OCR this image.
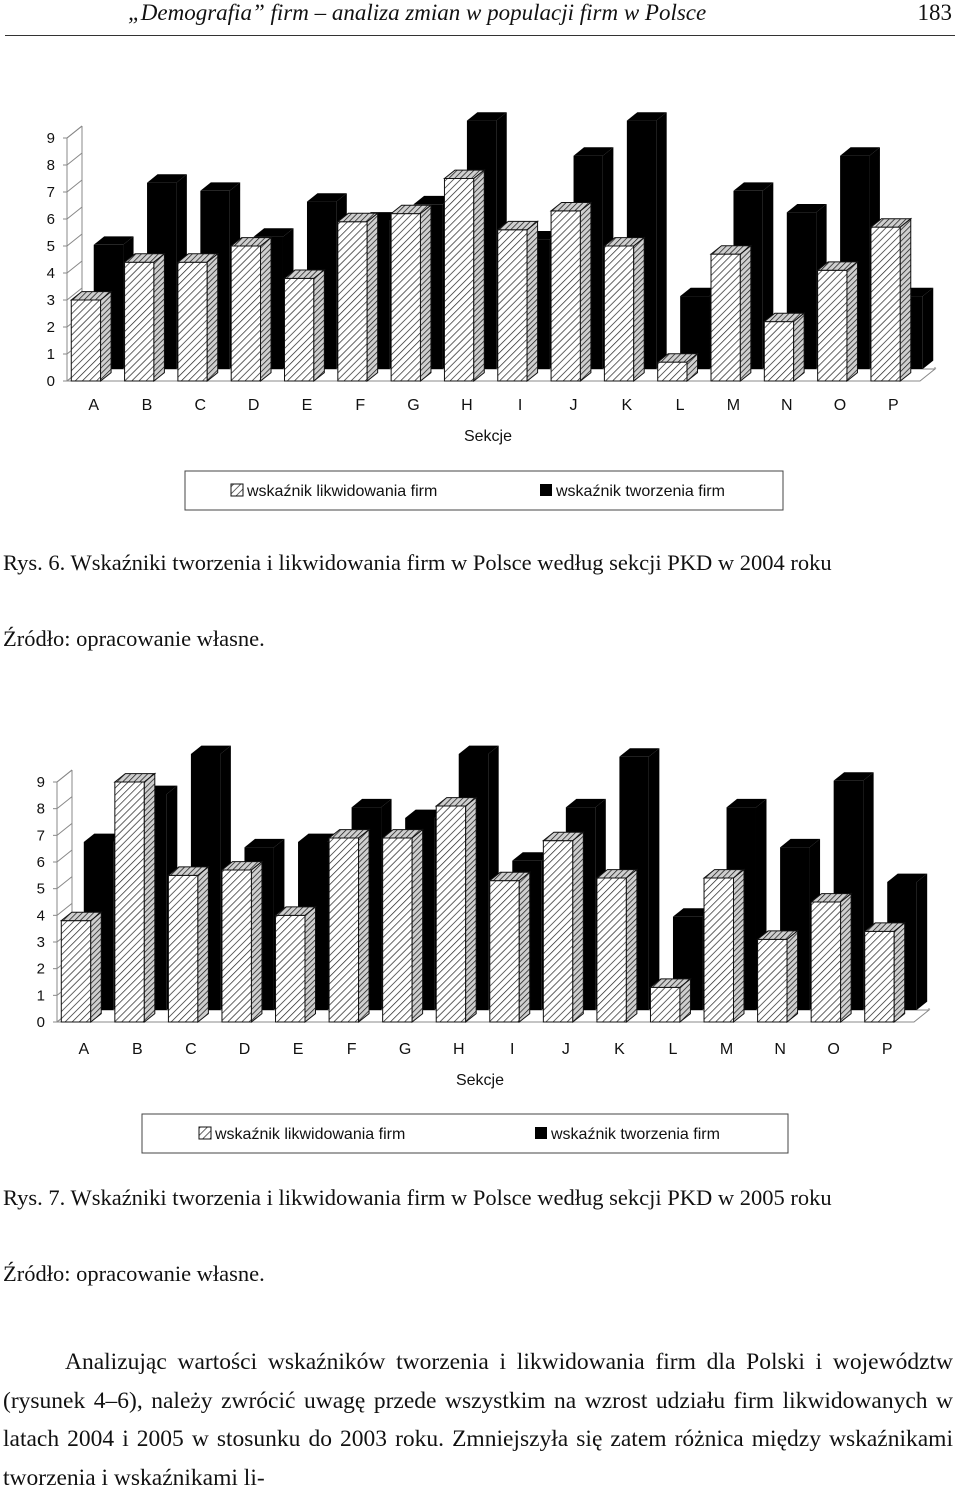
„Demografia” firm – analiza zmian w populacji firm w Polsce	183
0
1
2
3
4
5
6
7
8
9
A	B	C	D	E	F	G	H	I	J	K	L	M	N	O	P
Sekcje
wskaźnik likwidowania firm	wskaźnik tworzenia firm
Rys. 6. Wskaźniki tworzenia i likwidowania firm w Polsce według sekcji PKD w 2004 roku
Źródło: opracowanie własne.
0
1
2
3
4
5
6
7
8
9
A	B	C	D	E	F	G	H	I	J	K	L	M	N	O	P
Sekcje
wskaźnik likwidowania firm	wskaźnik tworzenia firm
Rys. 7. Wskaźniki tworzenia i likwidowania firm w Polsce według sekcji PKD w 2005 roku
Źródło: opracowanie własne.

Analizując wartości wskaźników tworzenia i likwidowania firm dla Polski i województw (rysunek 4–6), należy zwrócić uwagę przede wszystkim na wzrost udziału firm likwidowanych w latach 2004 i 2005 w stosunku do 2003 roku. Zmniejszyła się zatem różnica między wskaźnikami tworzenia i wskaźnikami li-
